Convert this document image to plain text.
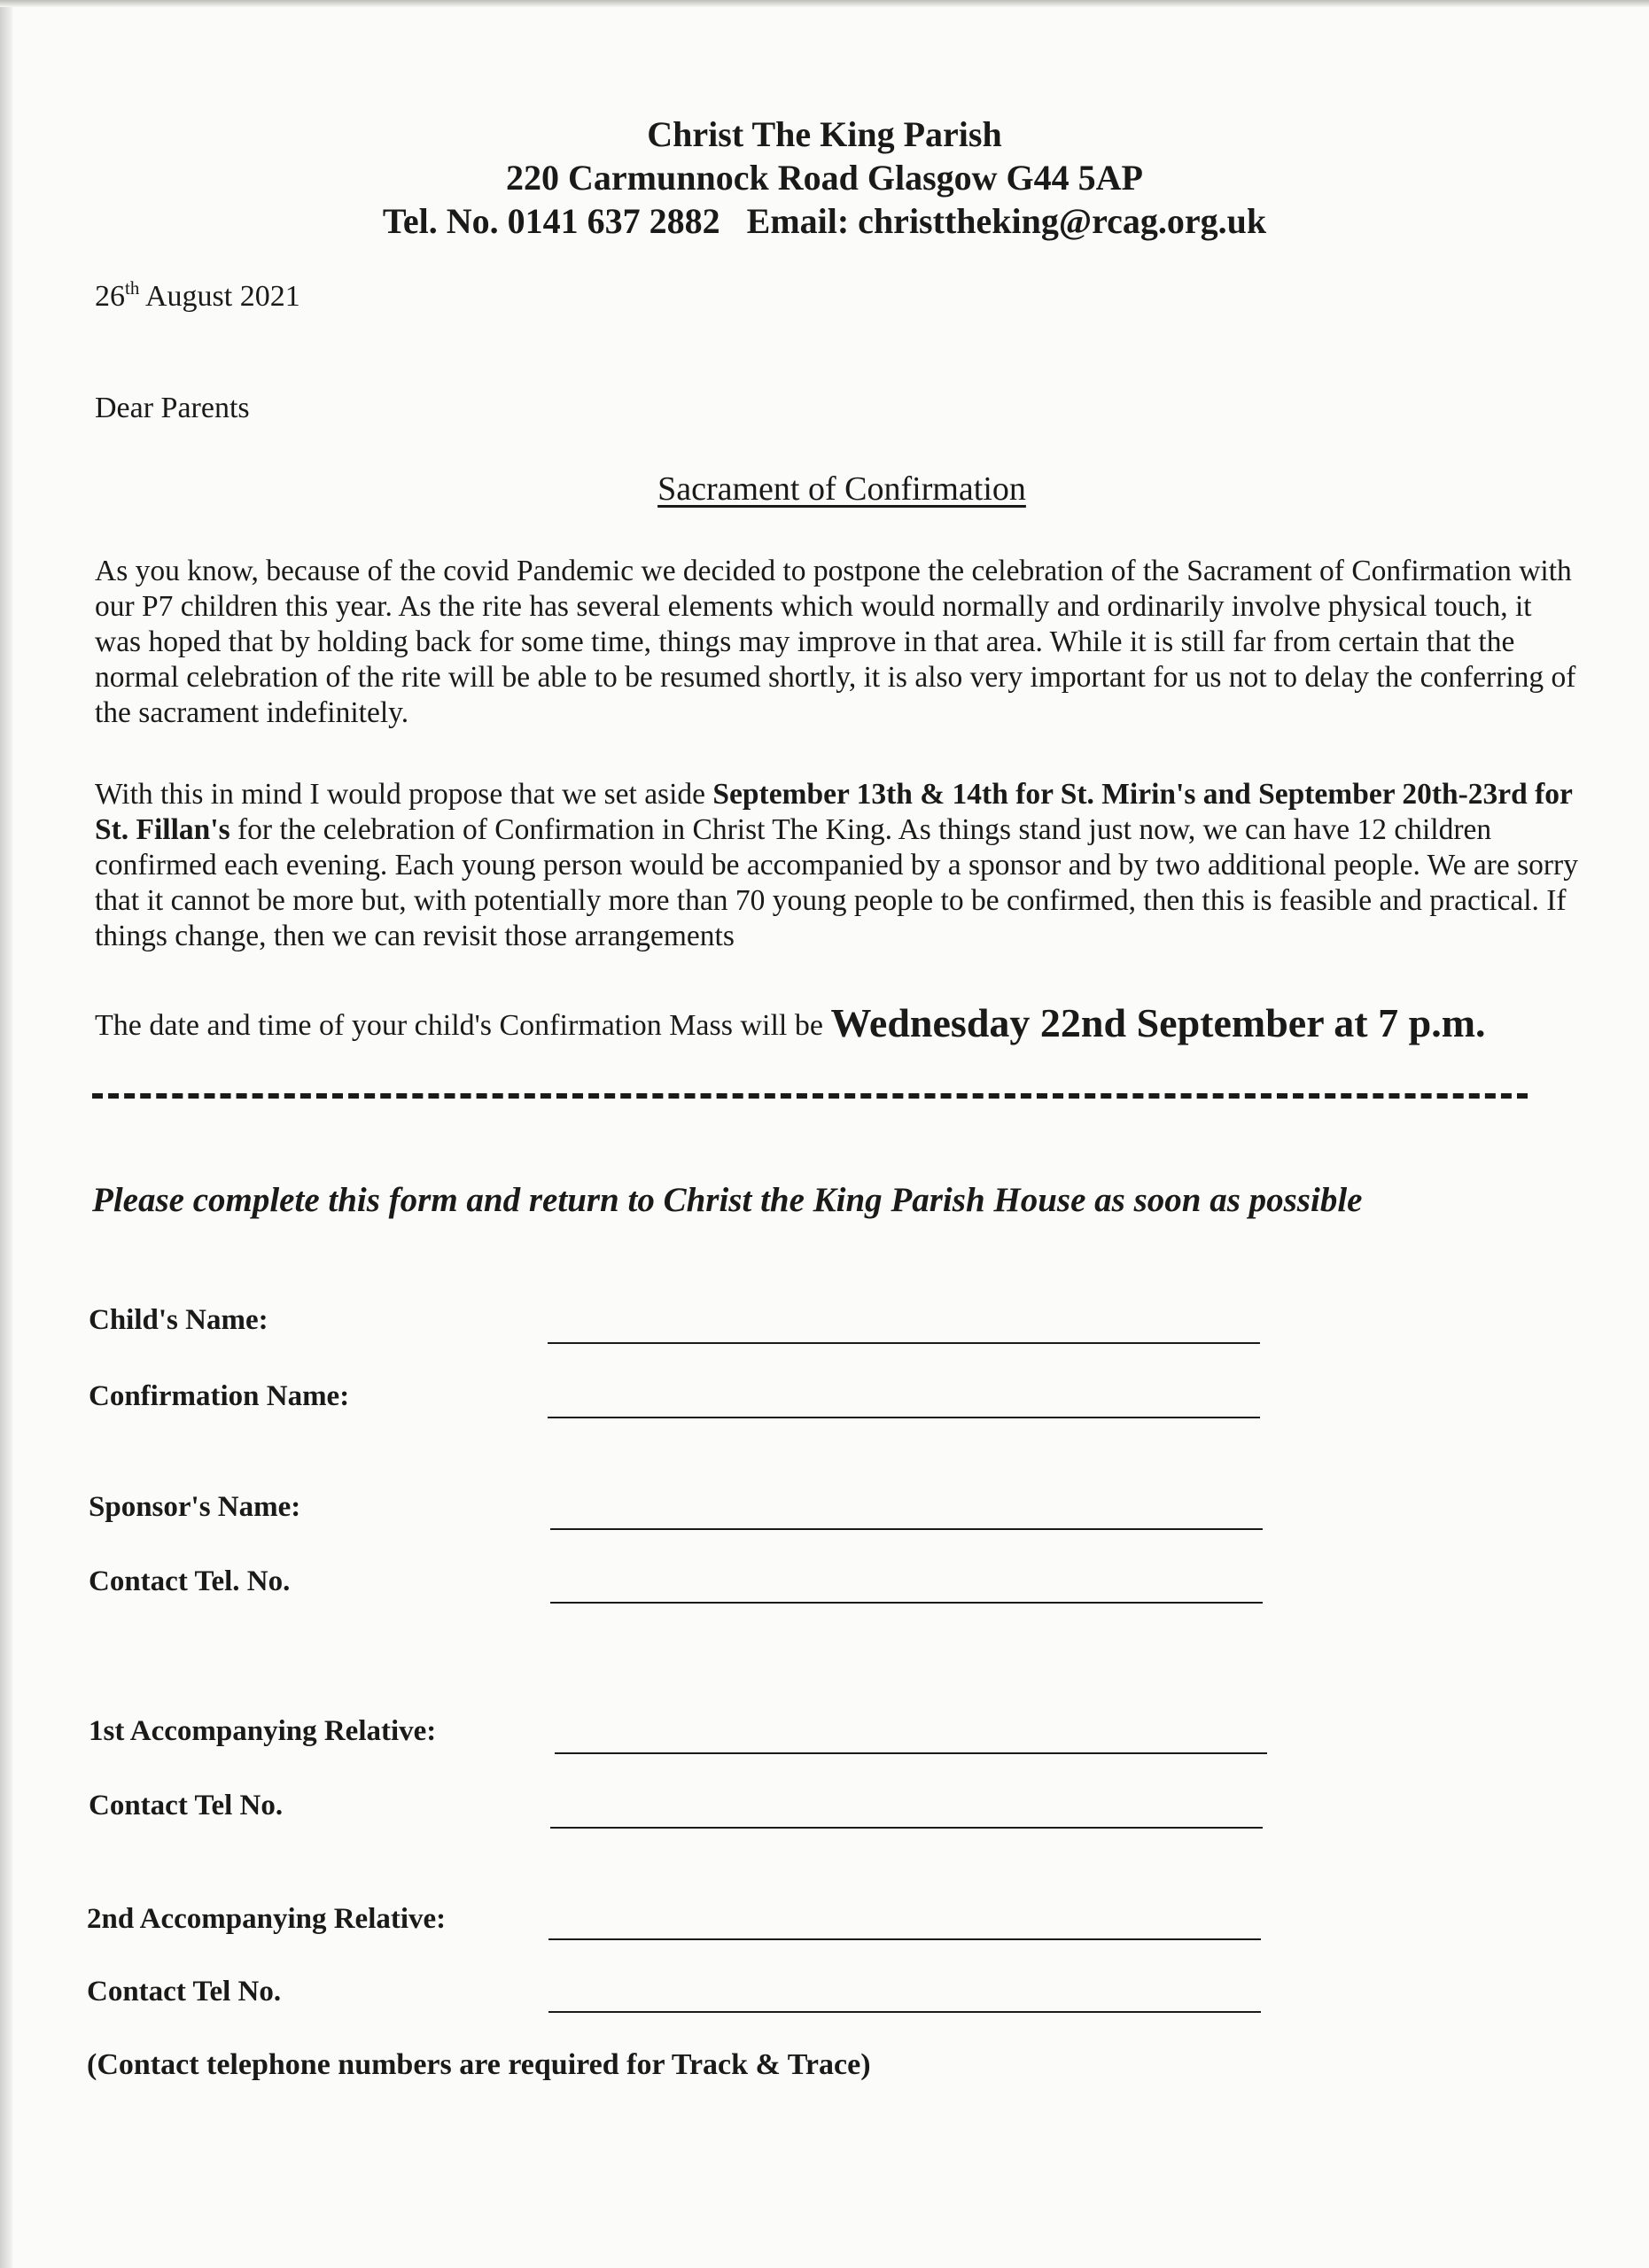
Christ The King Parish
220 Carmunnock Road Glasgow G44 5AP
Tel. No. 0141 637 2882   Email: christtheking@rcag.org.uk
26th August 2021
Dear Parents
Sacrament of Confirmation
As you know, because of the covid Pandemic we decided to postpone the celebration of the Sacrament of Confirmation with our P7 children this year. As the rite has several elements which would normally and ordinarily involve physical touch, it was hoped that by holding back for some time, things may improve in that area. While it is still far from certain that the normal celebration of the rite will be able to be resumed shortly, it is also very important for us not to delay the conferring of the sacrament indefinitely.
With this in mind I would propose that we set aside September 13th & 14th for St. Mirin's and September 20th-23rd for St. Fillan's for the celebration of Confirmation in Christ The King. As things stand just now, we can have 12 children confirmed each evening. Each young person would be accompanied by a sponsor and by two additional people. We are sorry that it cannot be more but, with potentially more than 70 young people to be confirmed, then this is feasible and practical. If things change, then we can revisit those arrangements
The date and time of your child's Confirmation Mass will be Wednesday 22nd September at 7 p.m.
Please complete this form and return to Christ the King Parish House as soon as possible
Child's Name:
Confirmation Name:
Sponsor's Name:
Contact Tel. No.
1st Accompanying Relative:
Contact Tel No.
2nd Accompanying Relative:
Contact Tel No.
(Contact telephone numbers are required for Track & Trace)
